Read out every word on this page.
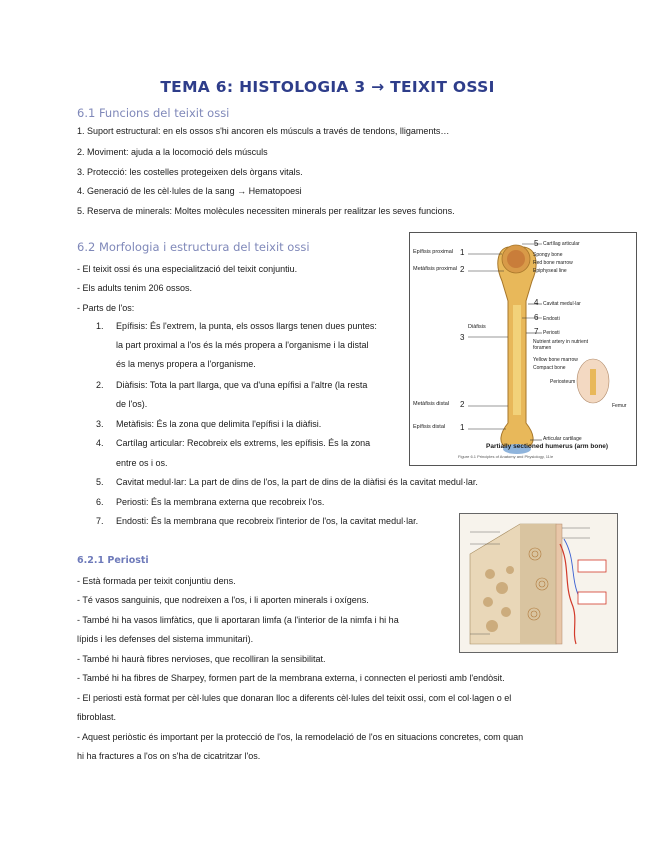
TEMA 6: HISTOLOGIA 3 → TEIXIT OSSI
6.1 Funcions del teixit ossi
1. Suport estructural: en els ossos s'hi ancoren els músculs a través de tendons, lligaments…
2. Moviment: ajuda a la locomoció dels músculs
3. Protecció: les costelles protegeixen dels òrgans vitals.
4. Generació de les cèl·lules de la sang → Hematopoesi
5. Reserva de minerals: Moltes molècules necessiten minerals per realitzar les seves funcions.
6.2 Morfologia i estructura del teixit ossi
- El teixit ossi és una especialització del teixit conjuntiu.
- Els adults tenim 206 ossos.
- Parts de l'os:
1. Epífisis: És l'extrem, la punta, els ossos llargs tenen dues puntes:
la part proximal a l'os és la més propera a l'organisme i la distal
és la menys propera a l'organisme.
2. Diàfisis: Tota la part llarga, que va d'una epífisi a l'altre (la resta
de l'os).
3. Metàfisis: És la zona que delimita l'epífisi i la diàfisi.
4. Cartílag articular: Recobreix els extrems, les epífisis. És la zona
entre os i os.
5. Cavitat medul·lar: La part de dins de l'os, la part de dins de la diàfisi és la cavitat medul·lar.
6. Periosti: És la membrana externa que recobreix l'os.
7. Endosti: És la membrana que recobreix l'interior de l'os, la cavitat medul·lar.
6.2.1 Periosti
- Està formada per teixit conjuntiu dens.
- Té vasos sanguinis, que nodreixen a l'os, i li aporten minerals i oxígens.
- També hi ha vasos limfàtics, que li aportaran limfa (a l'interior de la nimfa i hi ha
lípids i les defenses del sistema immunitari).
- També hi haurà fibres nervioses, que recolliran la sensibilitat.
- També hi ha fibres de Sharpey, formen part de la membrana externa, i connecten el periosti amb l'endòsit.
- El periosti està format per cèl·lules que donaran lloc a diferents cèl·lules del teixit ossi, com el col·lagen o el
fibroblast.
- Aquest periòstic és important per la protecció de l'os, la remodelació de l'os en situacions concretes, com quan
hi ha fractures a l'os on s'ha de cicatritzar l'os.
Epífisis proximal 1
Metàfisis proximal 2
Diàfisis
3
Metàfisis distal 2
Epífisis distal 1
5 Cartílag articular
Spongy bone
Red bone marrow
Epiphyseal line
4 Cavitat medul·lar
6 Endosti
7 Periosti
Nutrient artery in nutrient foramen
Yellow bone marrow
Compact bone
Articular cartilage
Periosteum
Femur
Partially sectioned humerus (arm bone)
Figure 6.1 Principles of Anatomy and Physiology, 11/e
